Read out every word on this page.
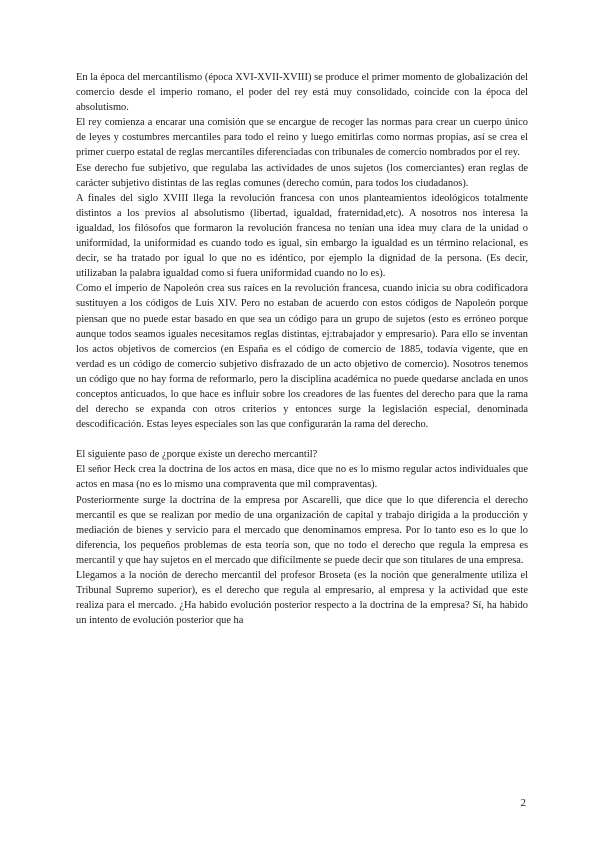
En la época del mercantilismo (época XVI-XVII-XVIII) se produce el primer momento de globalización del comercio desde el imperio romano, el poder del rey está muy consolidado, coincide con la época del absolutismo.

El rey comienza a encarar una comisión que se encargue de recoger las normas para crear un cuerpo único de leyes y costumbres mercantiles para todo el reino y luego emitirlas como normas propias, así se crea el primer cuerpo estatal de reglas mercantiles diferenciadas con tribunales de comercio nombrados por el rey.

Ese derecho fue subjetivo, que regulaba las actividades de unos sujetos (los comerciantes) eran reglas de carácter subjetivo distintas de las reglas comunes (derecho común, para todos los ciudadanos).

A finales del siglo XVIII llega la revolución francesa con unos planteamientos ideológicos totalmente distintos a los previos al absolutismo (libertad, igualdad, fraternidad,etc). A nosotros nos interesa la igualdad, los filósofos que formaron la revolución francesa no tenían una idea muy clara de la unidad o uniformidad, la uniformidad es cuando todo es igual, sin embargo la igualdad es un término relacional, es decir, se ha tratado por igual lo que no es idéntico, por ejemplo la dignidad de la persona. (Es decir, utilizaban la palabra igualdad como si fuera uniformidad cuando no lo es).

Como el imperio de Napoleón crea sus raíces en la revolución francesa, cuando inicia su obra codificadora sustituyen a los códigos de Luis XIV. Pero no estaban de acuerdo con estos códigos de Napoleón porque piensan que no puede estar basado en que sea un código para un grupo de sujetos (esto es erróneo porque aunque todos seamos iguales necesitamos reglas distintas, ej:trabajador y empresario). Para ello se inventan los actos objetivos de comercios (en España es el código de comercio de 1885, todavía vigente, que en verdad es un código de comercio subjetivo disfrazado de un acto objetivo de comercio). Nosotros tenemos un código que no hay forma de reformarlo, pero la disciplina académica no puede quedarse anclada en unos conceptos anticuados, lo que hace es influir sobre los creadores de las fuentes del derecho para que la rama del derecho se expanda con otros criterios y entonces surge la legislación especial, denominada descodificación. Estas leyes especiales son las que configurarán la rama del derecho.

El siguiente paso de ¿porque existe un derecho mercantil?

El señor Heck crea la doctrina de los actos en masa, dice que no es lo mismo regular actos individuales que actos en masa (no es lo mismo una compraventa que mil compraventas).

Posteriormente surge la doctrina de la empresa por Ascarelli, que dice que lo que diferencia el derecho mercantil es que se realizan por medio de una organización de capital y trabajo dirigida a la producción y mediación de bienes y servicio para el mercado que denominamos empresa. Por lo tanto eso es lo que lo diferencia, los pequeños problemas de esta teoría son, que no todo el derecho que regula la empresa es mercantil y que hay sujetos en el mercado que difícilmente se puede decir que son titulares de una empresa.

Llegamos a la noción de derecho mercantil del profesor Broseta (es la noción que generalmente utiliza el Tribunal Supremo superior), es el derecho que regula al empresario, al empresa y la actividad que este realiza para el mercado. ¿Ha habido evolución posterior respecto a la doctrina de la empresa? Sí, ha habido un intento de evolución posterior que ha

2
